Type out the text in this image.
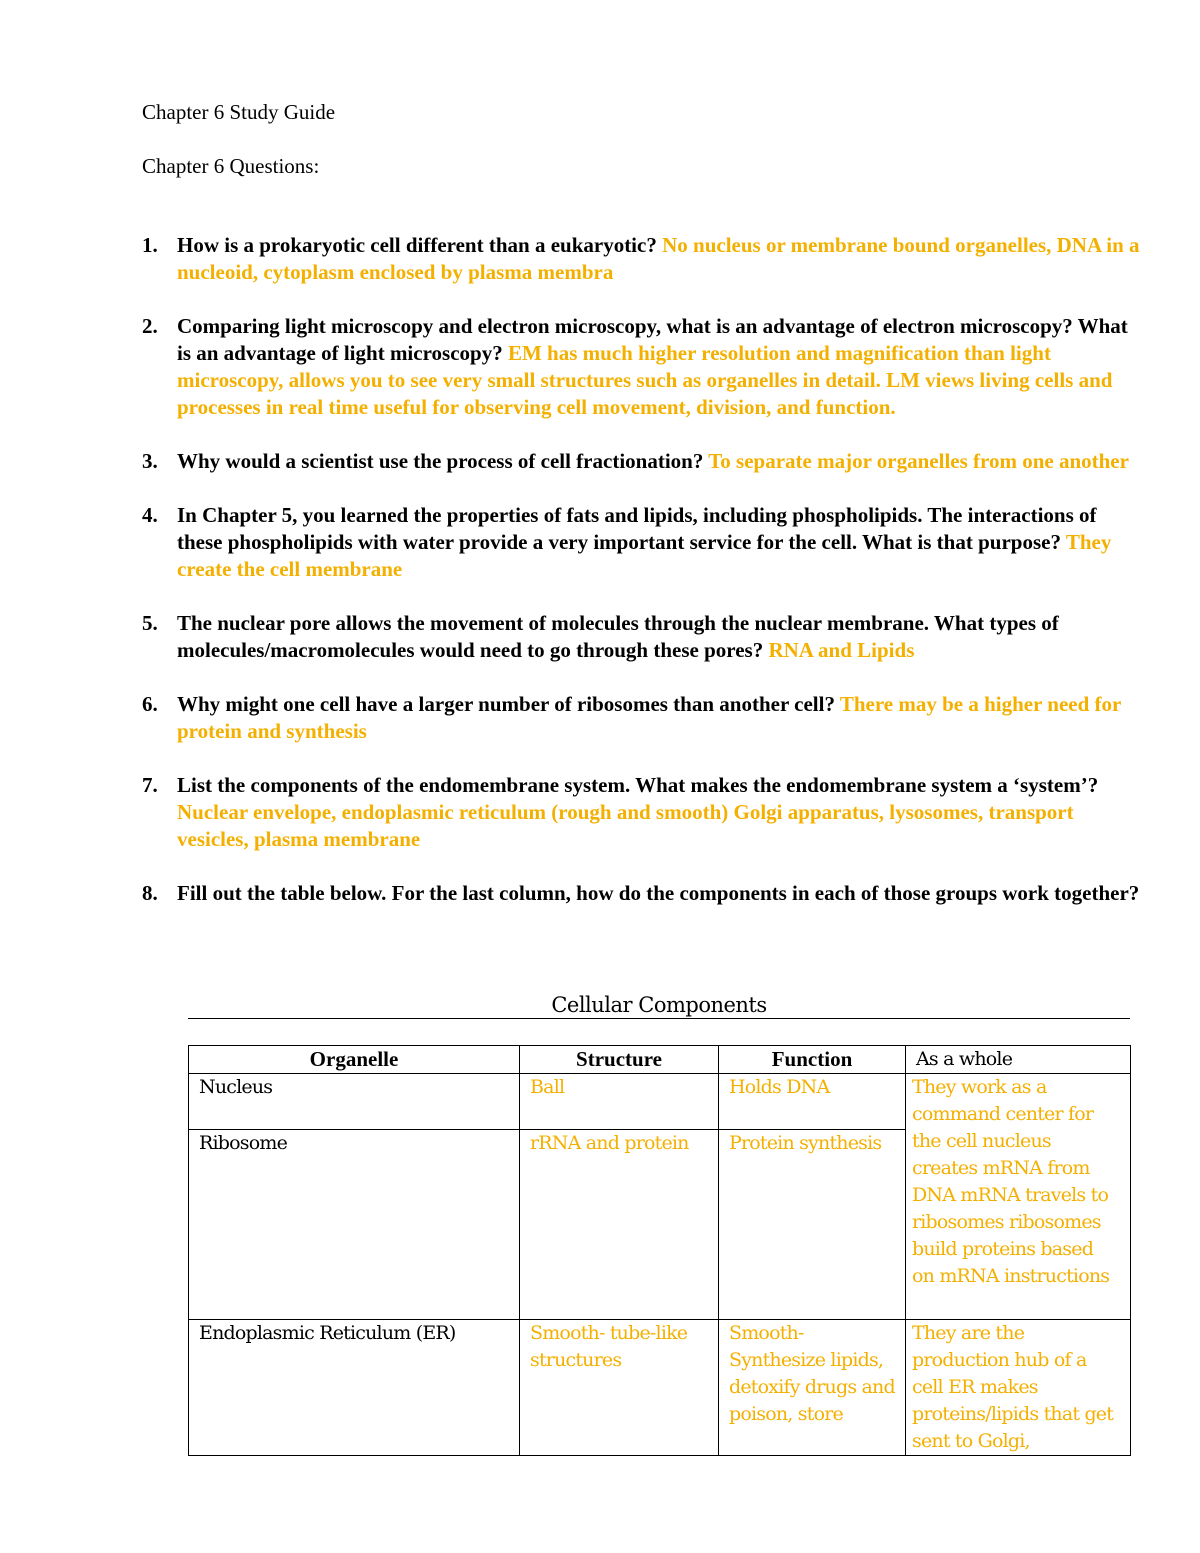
Chapter 6 Study Guide
Chapter 6 Questions:
1. How is a prokaryotic cell different than a eukaryotic? No nucleus or membrane bound organelles, DNA in a nucleoid, cytoplasm enclosed by plasma membra
2. Comparing light microscopy and electron microscopy, what is an advantage of electron microscopy? What is an advantage of light microscopy? EM has much higher resolution and magnification than light microscopy, allows you to see very small structures such as organelles in detail. LM views living cells and processes in real time useful for observing cell movement, division, and function.
3. Why would a scientist use the process of cell fractionation? To separate major organelles from one another
4. In Chapter 5, you learned the properties of fats and lipids, including phospholipids. The interactions of these phospholipids with water provide a very important service for the cell. What is that purpose? They create the cell membrane
5. The nuclear pore allows the movement of molecules through the nuclear membrane. What types of molecules/macromolecules would need to go through these pores? RNA and Lipids
6. Why might one cell have a larger number of ribosomes than another cell? There may be a higher need for protein and synthesis
7. List the components of the endomembrane system. What makes the endomembrane system a ‘system’? Nuclear envelope, endoplasmic reticulum (rough and smooth) Golgi apparatus, lysosomes, transport vesicles, plasma membrane
8. Fill out the table below. For the last column, how do the components in each of those groups work together?
Cellular Components
Organelle	Structure	Function	As a whole
Nucleus	Ball	Holds DNA	They work as a command center for the cell nucleus creates mRNA from DNA mRNA travels to ribosomes ribosomes build proteins based on mRNA instructions
Ribosome	rRNA and protein	Protein synthesis	
Endoplasmic Reticulum (ER)	Smooth- tube-like structures	Smooth- Synthesize lipids, detoxify drugs and poison, store	They are the production hub of a cell ER makes proteins/lipids that get sent to Golgi,
